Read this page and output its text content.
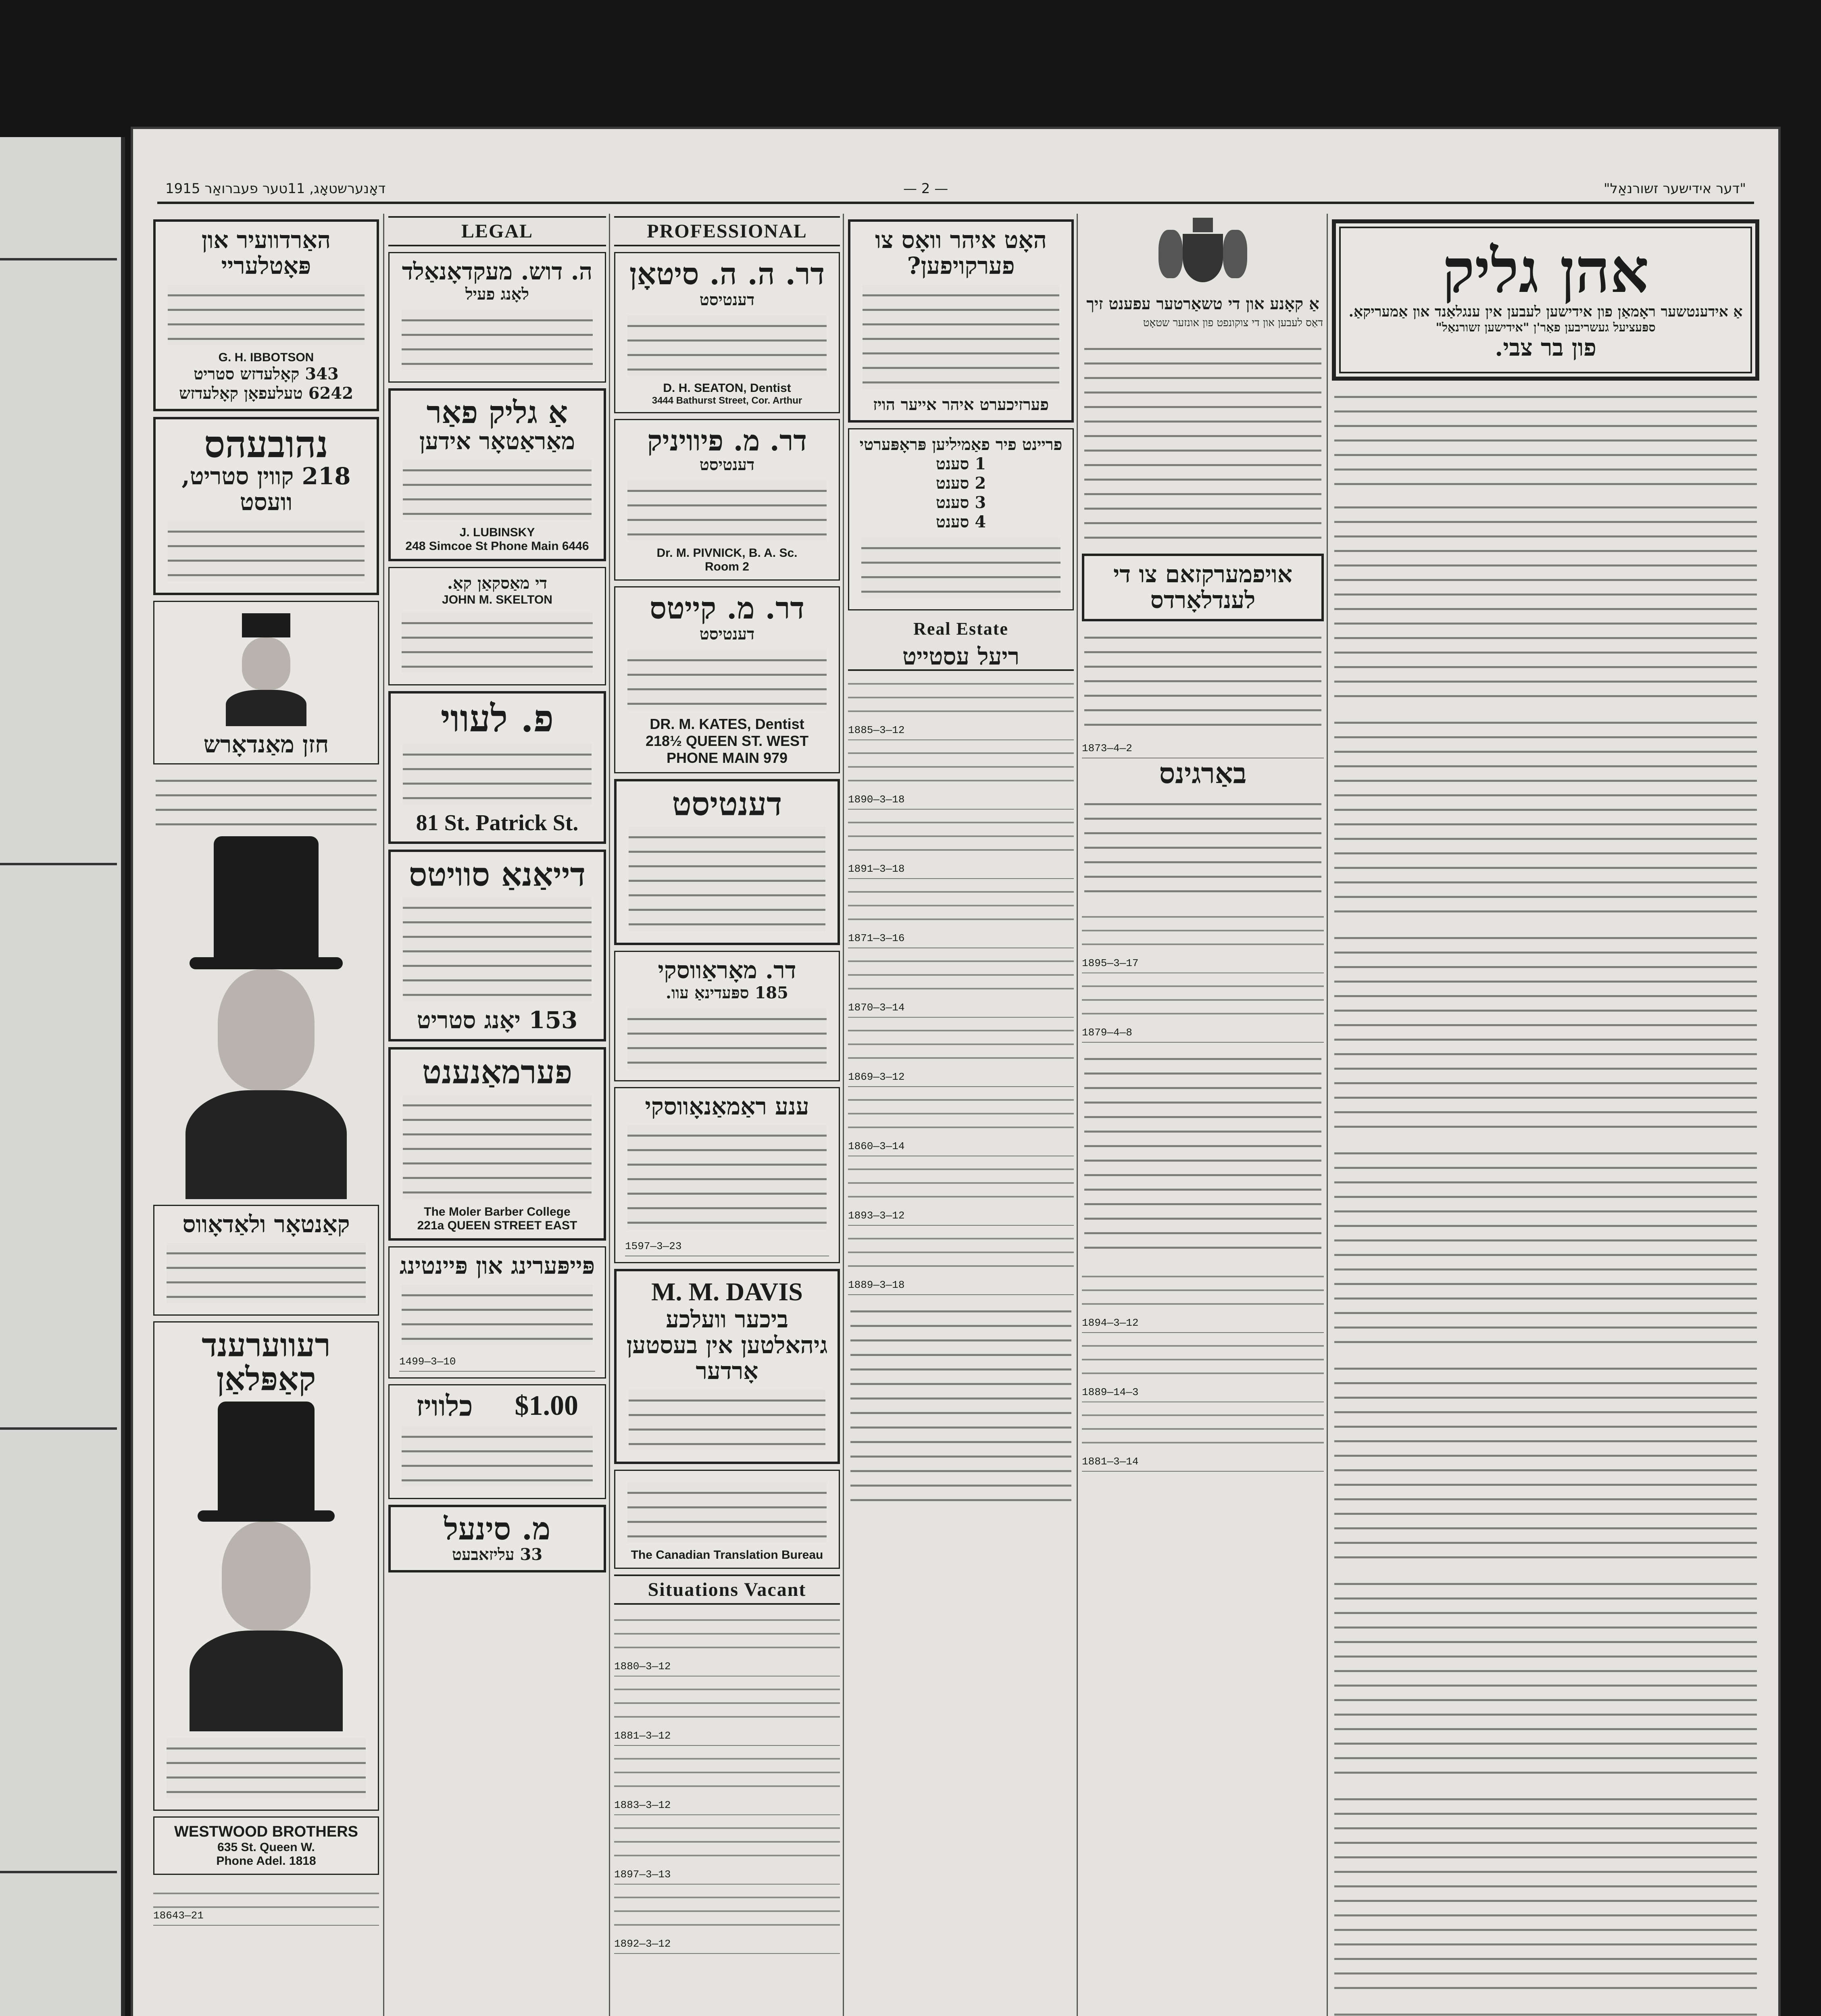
1915 דאָנערשטאָג, 11טער פעברואַר	— 2 —	"דער אידישער זשורנאַל"
האַרדוועיר און פּאָטלעריי
G. H. IBBOTSON
343 קאָלעדזש סטריט
6242 טעלעפאָן קאָלעדזש
נהובעהס
218 קווין סטריט, וועסט
חזן מאַנדאָרש
קאַנטאָר ולאַדאָווס
רעווערענד קאַפּלאַן
WESTWOOD BROTHERS
635 St. Queen W.
Phone Adel. 1818
18643—21
LEGAL
ה. דוש. מעקדאָנאַלד
לאָנג פעיל
אַ גליק פאַר
מאַראַטאָר אידען
J. LUBINSKY
248 Simcoe St Phone Main 6446
די מאַסקאַן קאַ.
JOHN M. SKELTON
פ. לעווי
81 St. Patrick St.
דייאַנאַ סוויטס
153 יאָנג סטריט
פערמאַנענט
The Moler Barber College
221a QUEEN STREET EAST
פּייפּערינג און פּיינטינג
1499—3—10
$1.00
כלוויז
מ. סינעל
33 עליזאבעט
PROFESSIONAL
דר. ה. ה. סיטאָן
דענטיסט
D. H. SEATON, Dentist
3444 Bathurst Street, Cor. Arthur
דר. מ. פיוויניק
דענטיסט
Dr. M. PIVNICK, B. A. Sc.
Room 2
דר. מ. קייטס
דענטיסט
DR. M. KATES, Dentist
218½ QUEEN ST. WEST
PHONE MAIN 979
דענטיסט
דר. מאָראַווסקי
185 ספּעדינאַ עוו.
ענע ראַמאַנאָווסקי
1597—3—23
M. M. DAVIS
ביכער וועלכע גיהאלטען אין בעסטען אָרדער
The Canadian Translation Bureau
Situations Vacant
1880—3—12
1881—3—12
1883—3—12
1897—3—13
1892—3—12
האָט איהר וואָס צו פערקויפען?
פערזיכערט איהר אייער הויז
פריינט פיר פאַמיליען פּראָפּערטי
1 סענט
2 סענט
3 סענט
4 סענט
Real Estate
ריעל עסטייט
1885—3—12
1890—3—18
1891—3—18
1871—3—16
1870—3—14
1869—3—12
1860—3—14
1893—3—12
1889—3—18
אַ קאָנע און די טשאַרטער עפענט זיך
דאַס לעבען און די צוקונפט פון אונזער שטאָט
אויפמערקזאם צו די לענדלאָרדס
1873—4—2
באַרגינס
1895—3—17
1879—4—8
1894—3—12
1889—14—3
1881—3—14
אהן גליק
אַ אידענטשער ראָמאַן פון אידישען לעבען אין ענגלאַנד און אַמעריקאַ.
ספּעציעל געשריבען פאַר'ן "אידישען זשורנאַל"
פון בר צבי.
